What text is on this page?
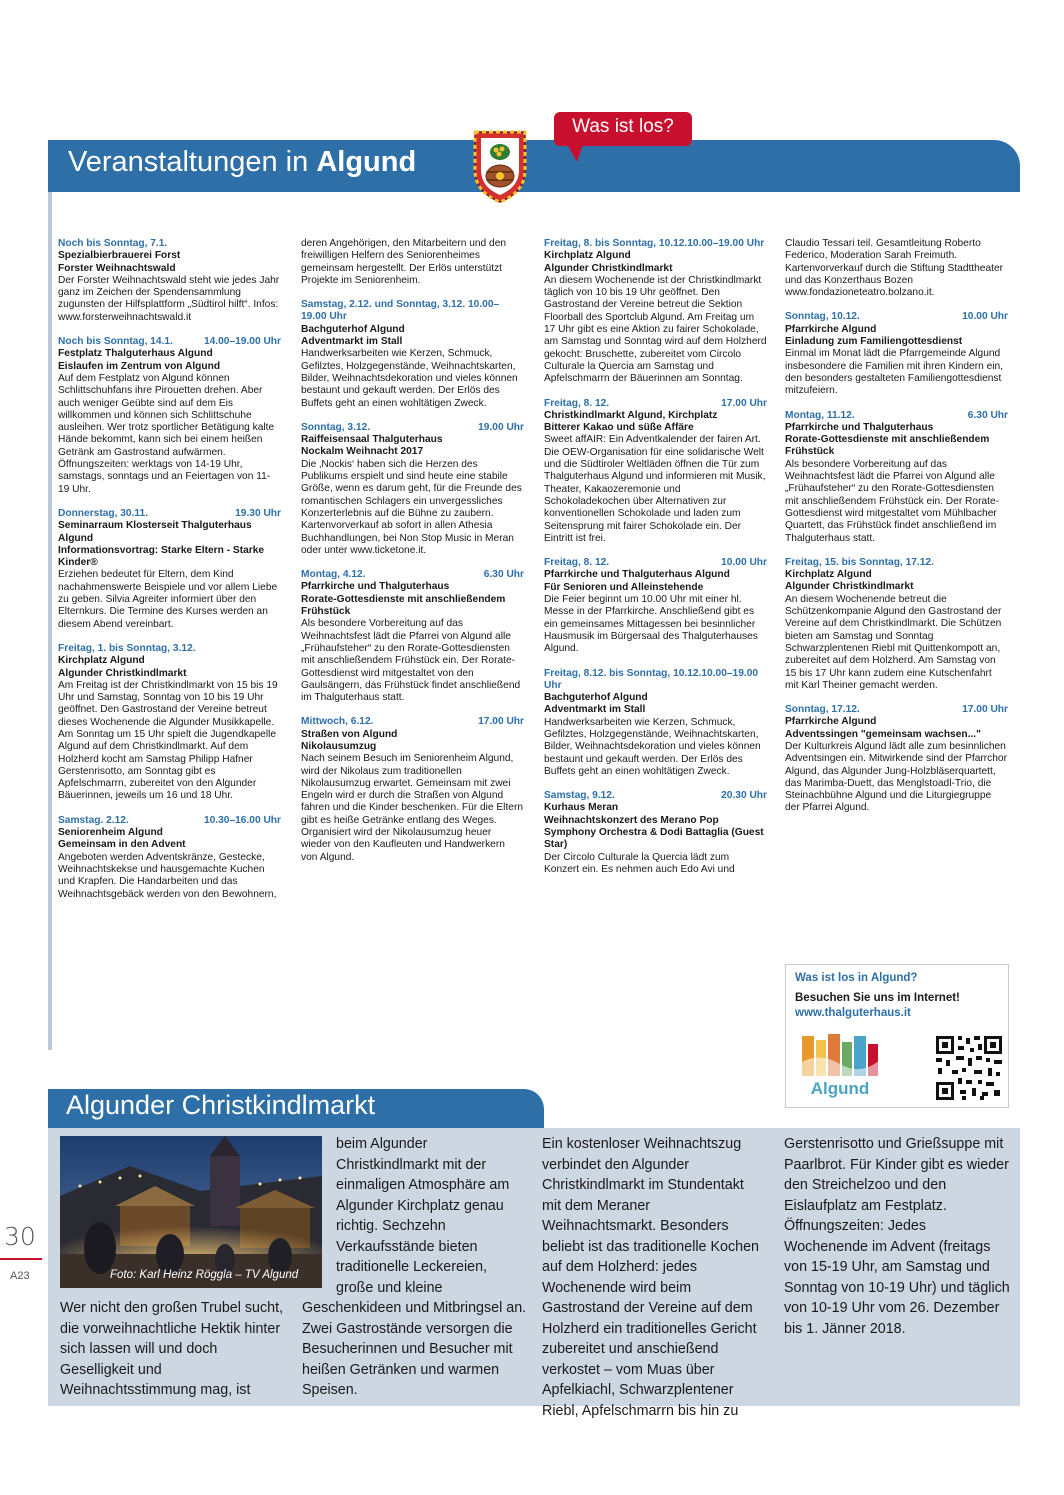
Veranstaltungen in Algund
Was ist los?
Noch bis Sonntag, 7.1.
Spezialbierbrauerei Forst
Forster Weihnachtswald
Der Forster Weihnachtswald steht wie jedes Jahr ganz im Zeichen der Spendensammlung zugunsten der Hilfsplattform „Südtirol hilft“. Infos: www.forsterweihnachtswald.it
Noch bis Sonntag, 14.1.	14.00–19.00 Uhr
Festplatz Thalguterhaus Algund
Eislaufen im Zentrum von Algund
Auf dem Festplatz von Algund können Schlittschuhfans ihre Pirouetten drehen. Aber auch weniger Geübte sind auf dem Eis willkommen und können sich Schlittschuhe ausleihen. Wer trotz sportlicher Betätigung kalte Hände bekommt, kann sich bei einem heißen Getränk am Gastrostand aufwärmen. Öffnungszeiten: werktags von 14-19 Uhr, samstags, sonntags und an Feiertagen von 11-19 Uhr.
Donnerstag, 30.11.	19.30 Uhr
Seminarraum Klosterseit Thalguterhaus Algund
Informationsvortrag: Starke Eltern - Starke Kinder®
Erziehen bedeutet für Eltern, dem Kind nachahmenswerte Beispiele und vor allem Liebe zu geben. Silvia Agreiter informiert über den Elternkurs. Die Termine des Kurses werden an diesem Abend vereinbart.
Freitag, 1. bis Sonntag, 3.12.
Kirchplatz Algund
Algunder Christkindlmarkt
Am Freitag ist der Christkindlmarkt von 15 bis 19 Uhr und Samstag, Sonntag von 10 bis 19 Uhr geöffnet. Den Gastrostand der Vereine betreut dieses Wochenende die Algunder Musikkapelle. Am Sonntag um 15 Uhr spielt die Jugendkapelle Algund auf dem Christkindlmarkt. Auf dem Holzherd kocht am Samstag Philipp Hafner Gerstenrisotto, am Sonntag gibt es Apfelschmarrn, zubereitet von den Algunder Bäuerinnen, jeweils um 16 und 18 Uhr.
Samstag. 2.12.	10.30–16.00 Uhr
Seniorenheim Algund
Gemeinsam in den Advent
Angeboten werden Adventskränze, Gestecke, Weihnachtskekse und hausgemachte Kuchen und Krapfen. Die Handarbeiten und das Weihnachtsgebäck werden von den Bewohnern,
deren Angehörigen, den Mitarbeitern und den freiwilligen Helfern des Seniorenheimes gemeinsam hergestellt. Der Erlös unterstützt Projekte im Seniorenheim.
Samstag, 2.12. und Sonntag, 3.12. 10.00–19.00 Uhr
Bachguterhof Algund
Adventmarkt im Stall
Handwerksarbeiten wie Kerzen, Schmuck, Gefilztes, Holzgegenstände, Weihnachtskarten, Bilder, Weihnachtsdekoration und vieles können bestaunt und gekauft werden. Der Erlös des Buffets geht an einen wohltätigen Zweck.
Sonntag, 3.12.	19.00 Uhr
Raiffeisensaal Thalguterhaus
Nockalm Weihnacht 2017
Die ‚Nockis‘ haben sich die Herzen des Publikums erspielt und sind heute eine stabile Größe, wenn es darum geht, für die Freunde des romantischen Schlagers ein unvergessliches Konzerterlebnis auf die Bühne zu zaubern. Kartenvorverkauf ab sofort in allen Athesia Buchhandlungen, bei Non Stop Music in Meran oder unter www.ticketone.it.
Montag, 4.12.	6.30 Uhr
Pfarrkirche und Thalguterhaus
Rorate-Gottesdienste mit anschließendem Frühstück
Als besondere Vorbereitung auf das Weihnachtsfest lädt die Pfarrei von Algund alle „Frühaufsteher“ zu den Rorate-Gottesdiensten mit anschließendem Frühstück ein. Der Rorate-Gottesdienst wird mitgestaltet von den Gaulsängern, das Frühstück findet anschließend im Thalguterhaus statt.
Mittwoch, 6.12.	17.00 Uhr
Straßen von Algund
Nikolausumzug
Nach seinem Besuch im Seniorenheim Algund, wird der Nikolaus zum traditionellen Nikolausumzug erwartet. Gemeinsam mit zwei Engeln wird er durch die Straßen von Algund fahren und die Kinder beschenken. Für die Eltern gibt es heiße Getränke entlang des Weges. Organisiert wird der Nikolausumzug heuer wieder von den Kaufleuten und Handwerkern von Algund.
Freitag, 8. bis Sonntag, 10.12.10.00–19.00 Uhr
Kirchplatz Algund
Algunder Christkindlmarkt
An diesem Wochenende ist der Christkindlmarkt täglich von 10 bis 19 Uhr geöffnet. Den Gastrostand der Vereine betreut die Sektion Floorball des Sportclub Algund. Am Freitag um 17 Uhr gibt es eine Aktion zu fairer Schokolade, am Samstag und Sonntag wird auf dem Holzherd gekocht: Bruschette, zubereitet vom Circolo Culturale la Quercia am Samstag und Apfelschmarrn der Bäuerinnen am Sonntag.
Freitag, 8. 12.	17.00 Uhr
Christkindlmarkt Algund, Kirchplatz
Bitterer Kakao und süße Affäre
Sweet affAIR: Ein Adventkalender der fairen Art. Die OEW-Organisation für eine solidarische Welt und die Südtiroler Weltläden öffnen die Tür zum Thalguterhaus Algund und informieren mit Musik, Theater, Kakaozeremonie und Schokoladekochen über Alternativen zur konventionellen Schokolade und laden zum Seitensprung mit fairer Schokolade ein. Der Eintritt ist frei.
Freitag, 8. 12.	10.00 Uhr
Pfarrkirche und Thalguterhaus Algund
Für Senioren und Alleinstehende
Die Feier beginnt um 10.00 Uhr mit einer hl. Messe in der Pfarrkirche. Anschließend gibt es ein gemeinsames Mittagessen bei besinnlicher Hausmusik im Bürgersaal des Thalguterhauses Algund.
Freitag, 8.12. bis Sonntag, 10.12.10.00–19.00 Uhr
Bachguterhof Algund
Adventmarkt im Stall
Handwerksarbeiten wie Kerzen, Schmuck, Gefilztes, Holzgegenstände, Weihnachtskarten, Bilder, Weihnachtsdekoration und vieles können bestaunt und gekauft werden. Der Erlös des Buffets geht an einen wohltätigen Zweck.
Samstag, 9.12.	20.30 Uhr
Kurhaus Meran
Weihnachtskonzert des Merano Pop Symphony Orchestra & Dodi Battaglia (Guest Star)
Der Circolo Culturale la Quercia lädt zum Konzert ein. Es nehmen auch Edo Avi und
Claudio Tessari teil. Gesamtleitung Roberto Federico, Moderation Sarah Freimuth. Kartenvorverkauf durch die Stiftung Stadttheater und das Konzerthaus Bozen www.fondazioneteatro.bolzano.it.
Sonntag, 10.12.	10.00 Uhr
Pfarrkirche Algund
Einladung zum Familiengottesdienst
Einmal im Monat lädt die Pfarrgemeinde Algund insbesondere die Familien mit ihren Kindern ein, den besonders gestalteten Familiengottesdienst mitzufeiern.
Montag, 11.12.	6.30 Uhr
Pfarrkirche und Thalguterhaus
Rorate-Gottesdienste mit anschließendem Frühstück
Als besondere Vorbereitung auf das Weihnachtsfest lädt die Pfarrei von Algund alle „Frühaufsteher“ zu den Rorate-Gottesdiensten mit anschließendem Frühstück ein. Der Rorate-Gottesdienst wird mitgestaltet vom Mühlbacher Quartett, das Frühstück findet anschließend im Thalguterhaus statt.
Freitag, 15. bis Sonntag, 17.12.
Kirchplatz Algund
Algunder Christkindlmarkt
An diesem Wochenende betreut die Schützenkompanie Algund den Gastrostand der Vereine auf dem Christkindlmarkt. Die Schützen bieten am Samstag und Sonntag Schwarzplentenen Riebl mit Quittenkompott an, zubereitet auf dem Holzherd. Am Samstag von 15 bis 17 Uhr kann zudem eine Kutschenfahrt mit Karl Theiner gemacht werden.
Sonntag, 17.12.	17.00 Uhr
Pfarrkirche Algund
Adventssingen "gemeinsam wachsen..."
Der Kulturkreis Algund lädt alle zum besinnlichen Adventsingen ein. Mitwirkende sind der Pfarrchor Algund, das Algunder Jung-Holzbläserquartett, das Marimba-Duett, das Menglstoadl-Trio, die Steinachbühne Algund und die Liturgiegruppe der Pfarrei Algund.
Was ist los in Algund?
Besuchen Sie uns im Internet!
www.thalguterhaus.it
Algund
Algunder Christkindlmarkt
Foto: Karl Heinz Röggla – TV Algund
Wer nicht den großen Trubel sucht, die vorweihnachtliche Hektik hinter sich lassen will und doch Geselligkeit und Weihnachtsstimmung mag, ist
beim Algunder Christkindlmarkt mit der einmaligen Atmosphäre am Algunder Kirchplatz genau richtig. Sechzehn Verkaufsstände bieten traditionelle Leckereien, große und kleine
Geschenkideen und Mitbringsel an. Zwei Gastrostände versorgen die Besucherinnen und Besucher mit heißen Getränken und warmen Speisen.
Ein kostenloser Weihnachtszug verbindet den Algunder Christkindlmarkt im Stundentakt mit dem Meraner Weihnachtsmarkt. Besonders beliebt ist das traditionelle Kochen auf dem Holzherd: jedes Wochenende wird beim Gastrostand der Vereine auf dem Holzherd ein traditionelles Gericht zubereitet und anschießend verkostet – vom Muas über Apfelkiachl, Schwarzplentener Riebl, Apfelschmarrn bis hin zu
Gerstenrisotto und Grießsuppe mit Paarlbrot. Für Kinder gibt es wieder den Streichelzoo und den Eislaufplatz am Festplatz. Öffnungszeiten: Jedes Wochenende im Advent (freitags von 15-19 Uhr, am Samstag und Sonntag von 10-19 Uhr) und täglich von 10-19 Uhr vom 26. Dezember bis 1. Jänner 2018.
30
A23
